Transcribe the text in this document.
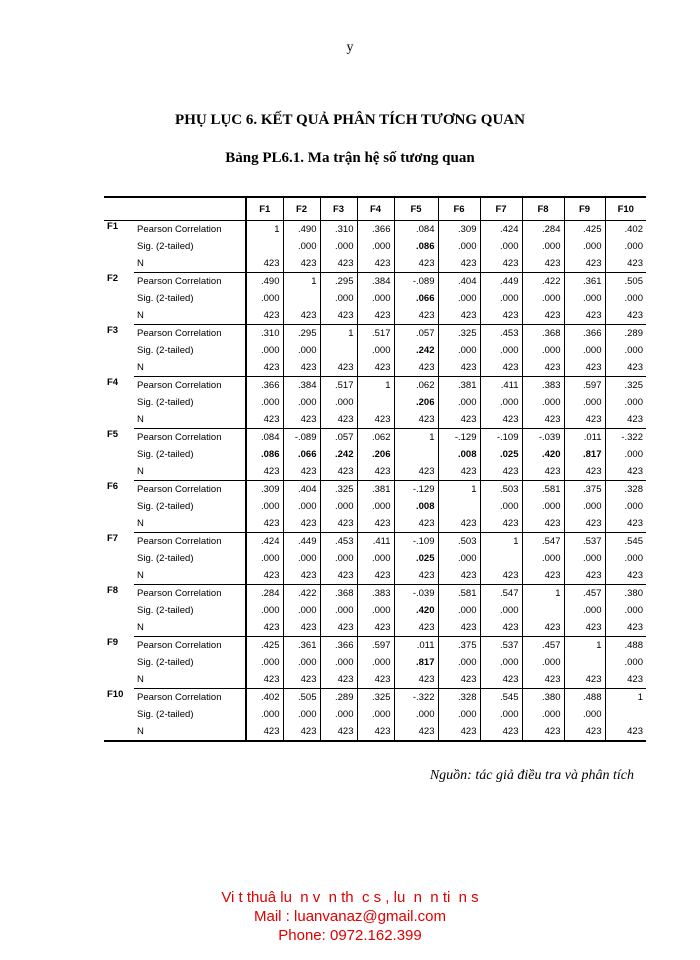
y
PHỤ LỤC 6. KẾT QUẢ PHÂN TÍCH TƯƠNG QUAN
Bảng PL6.1. Ma trận hệ số tương quan
		F1	F2	F3	F4	F5	F6	F7	F8	F9	F10
F1	Pearson Correlation	1	.490	.310	.366	.084	.309	.424	.284	.425	.402
	Sig. (2-tailed)		.000	.000	.000	.086	.000	.000	.000	.000	.000
	N	423	423	423	423	423	423	423	423	423	423
F2	Pearson Correlation	.490	1	.295	.384	-.089	.404	.449	.422	.361	.505
	Sig. (2-tailed)	.000		.000	.000	.066	.000	.000	.000	.000	.000
	N	423	423	423	423	423	423	423	423	423	423
F3	Pearson Correlation	.310	.295	1	.517	.057	.325	.453	.368	.366	.289
	Sig. (2-tailed)	.000	.000		.000	.242	.000	.000	.000	.000	.000
	N	423	423	423	423	423	423	423	423	423	423
F4	Pearson Correlation	.366	.384	.517	1	.062	.381	.411	.383	.597	.325
	Sig. (2-tailed)	.000	.000	.000		.206	.000	.000	.000	.000	.000
	N	423	423	423	423	423	423	423	423	423	423
F5	Pearson Correlation	.084	-.089	.057	.062	1	-.129	-.109	-.039	.011	-.322
	Sig. (2-tailed)	.086	.066	.242	.206		.008	.025	.420	.817	.000
	N	423	423	423	423	423	423	423	423	423	423
F6	Pearson Correlation	.309	.404	.325	.381	-.129	1	.503	.581	.375	.328
	Sig. (2-tailed)	.000	.000	.000	.000	.008		.000	.000	.000	.000
	N	423	423	423	423	423	423	423	423	423	423
F7	Pearson Correlation	.424	.449	.453	.411	-.109	.503	1	.547	.537	.545
	Sig. (2-tailed)	.000	.000	.000	.000	.025	.000		.000	.000	.000
	N	423	423	423	423	423	423	423	423	423	423
F8	Pearson Correlation	.284	.422	.368	.383	-.039	.581	.547	1	.457	.380
	Sig. (2-tailed)	.000	.000	.000	.000	.420	.000	.000		.000	.000
	N	423	423	423	423	423	423	423	423	423	423
F9	Pearson Correlation	.425	.361	.366	.597	.011	.375	.537	.457	1	.488
	Sig. (2-tailed)	.000	.000	.000	.000	.817	.000	.000	.000		.000
	N	423	423	423	423	423	423	423	423	423	423
F10	Pearson Correlation	.402	.505	.289	.325	-.322	.328	.545	.380	.488	1
	Sig. (2-tailed)	.000	.000	.000	.000	.000	.000	.000	.000	.000	
	N	423	423	423	423	423	423	423	423	423	423
Nguồn: tác giả điều tra và phân tích
Vi t thuâ lu  n v  n th  c s , lu  n  n ti  n s
Mail : luanvanaz@gmail.com
Phone: 0972.162.399
